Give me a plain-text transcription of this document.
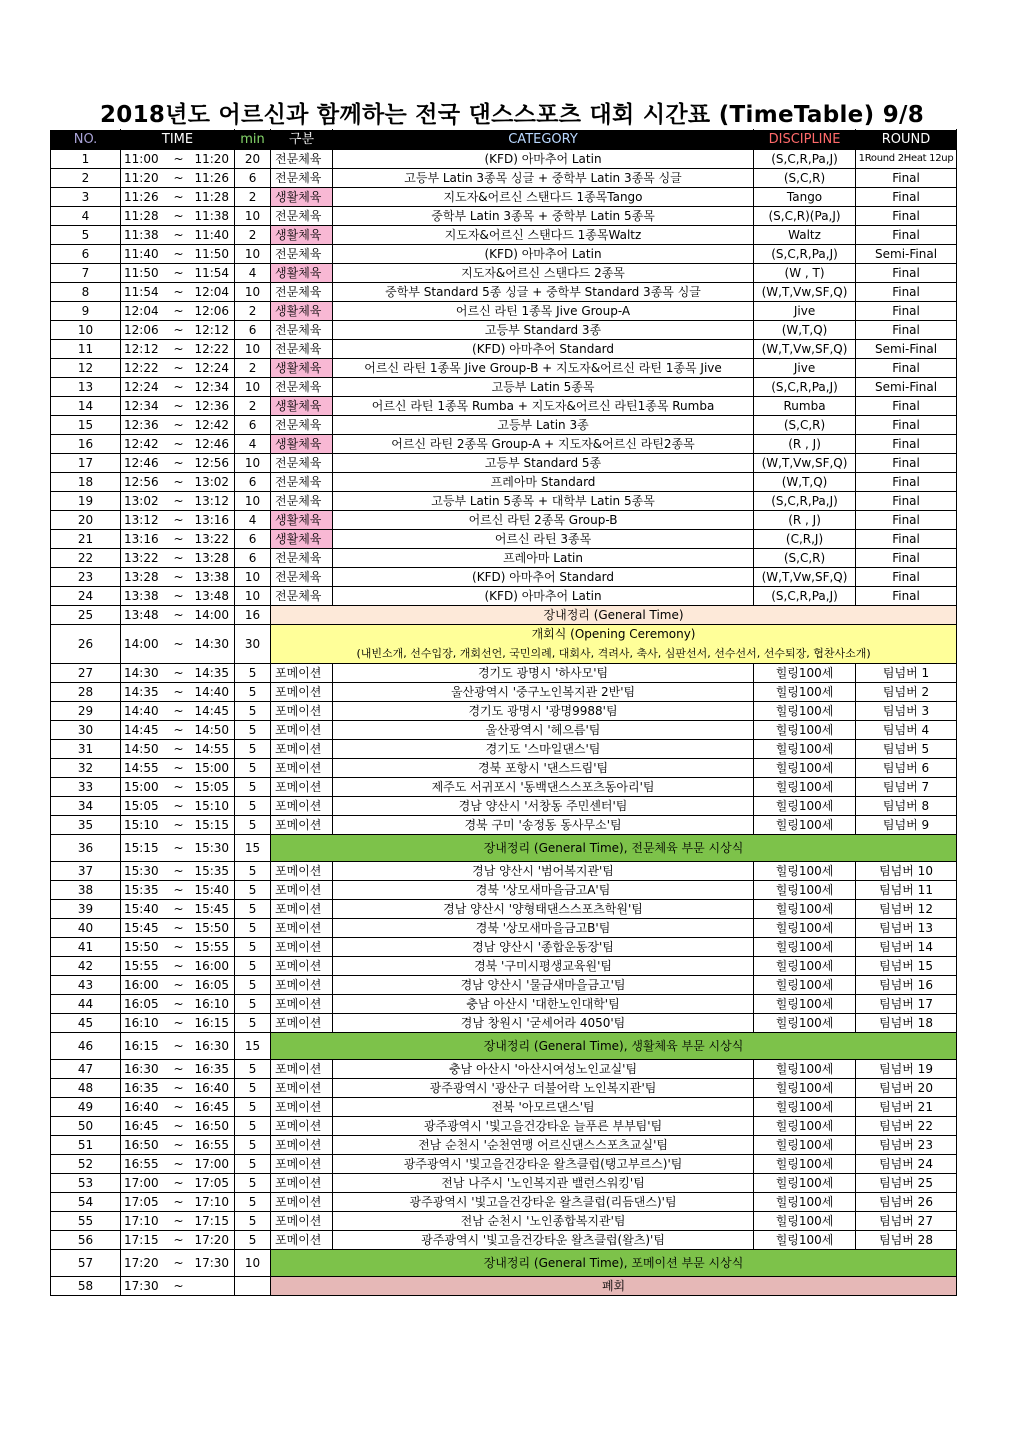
2018년도 어르신과 함께하는 전국 댄스스포츠 대회 시간표 (TimeTable) 9/8
NO.	TIME			min	구분	CATEGORY	DISCIPLINE	ROUND
1	11:00	~	11:20	20	전문체육	(KFD) 아마추어 Latin	(S,C,R,Pa,J)	1Round 2Heat 12up
2	11:20	~	11:26	6	전문체육	고등부 Latin 3종목 싱글 + 중학부 Latin 3종목 싱글	(S,C,R)	Final
3	11:26	~	11:28	2	생활체육	지도자&어르신 스탠다드 1종목Tango	Tango	Final
4	11:28	~	11:38	10	전문체육	중학부 Latin 3종목 + 중학부 Latin 5종목	(S,C,R)(Pa,J)	Final
5	11:38	~	11:40	2	생활체육	지도자&어르신 스탠다드 1종목Waltz	Waltz	Final
6	11:40	~	11:50	10	전문체육	(KFD) 아마추어 Latin	(S,C,R,Pa,J)	Semi-Final
7	11:50	~	11:54	4	생활체육	지도자&어르신 스탠다드 2종목	(W , T)	Final
8	11:54	~	12:04	10	전문체육	중학부 Standard 5종 싱글 + 중학부 Standard 3종목 싱글	(W,T,Vw,SF,Q)	Final
9	12:04	~	12:06	2	생활체육	어르신 라틴 1종목 Jive Group-A	Jive	Final
10	12:06	~	12:12	6	전문체육	고등부 Standard 3종	(W,T,Q)	Final
11	12:12	~	12:22	10	전문체육	(KFD) 아마추어 Standard	(W,T,Vw,SF,Q)	Semi-Final
12	12:22	~	12:24	2	생활체육	어르신 라틴 1종목 Jive Group-B + 지도자&어르신 라틴 1종목 Jive	Jive	Final
13	12:24	~	12:34	10	전문체육	고등부 Latin 5종목	(S,C,R,Pa,J)	Semi-Final
14	12:34	~	12:36	2	생활체육	어르신 라틴 1종목 Rumba + 지도자&어르신 라틴1종목 Rumba	Rumba	Final
15	12:36	~	12:42	6	전문체육	고등부 Latin 3종	(S,C,R)	Final
16	12:42	~	12:46	4	생활체육	어르신 라틴 2종목 Group-A + 지도자&어르신 라틴2종목	(R , J)	Final
17	12:46	~	12:56	10	전문체육	고등부 Standard 5종	(W,T,Vw,SF,Q)	Final
18	12:56	~	13:02	6	전문체육	프레아마 Standard	(W,T,Q)	Final
19	13:02	~	13:12	10	전문체육	고등부 Latin 5종목 + 대학부 Latin 5종목	(S,C,R,Pa,J)	Final
20	13:12	~	13:16	4	생활체육	어르신 라틴 2종목 Group-B	(R , J)	Final
21	13:16	~	13:22	6	생활체육	어르신 라틴 3종목	(C,R,J)	Final
22	13:22	~	13:28	6	전문체육	프레아마 Latin	(S,C,R)	Final
23	13:28	~	13:38	10	전문체육	(KFD) 아마추어 Standard	(W,T,Vw,SF,Q)	Final
24	13:38	~	13:48	10	전문체육	(KFD) 아마추어 Latin	(S,C,R,Pa,J)	Final
25	13:48	~	14:00	16	장내정리 (General Time)			
26	14:00	~	14:30	30	개회식 (Opening Ceremony)
(내빈소개, 선수입장, 개회선언, 국민의례, 대회사, 격려사, 축사, 심판선서, 선수선서, 선수퇴장, 협찬사소개)			

27	14:30	~	14:35	5	포메이션	경기도 광명시 '하사모'팀	힐링100세	팀넘버 1
28	14:35	~	14:40	5	포메이션	울산광역시 '중구노인복지관 2반'팀	힐링100세	팀넘버 2
29	14:40	~	14:45	5	포메이션	경기도 광명시 '광명9988'팀	힐링100세	팀넘버 3
30	14:45	~	14:50	5	포메이션	울산광역시 '헤으름'팀	힐링100세	팀넘버 4
31	14:50	~	14:55	5	포메이션	경기도 '스마일댄스'팀	힐링100세	팀넘버 5
32	14:55	~	15:00	5	포메이션	경북 포항시 '댄스드림'팀	힐링100세	팀넘버 6
33	15:00	~	15:05	5	포메이션	제주도 서귀포시 '동백댄스스포츠동아리'팀	힐링100세	팀넘버 7
34	15:05	~	15:10	5	포메이션	경남 양산시 '서창동 주민센터'팀	힐링100세	팀넘버 8
35	15:10	~	15:15	5	포메이션	경북 구미 '송정동 동사무소'팀	힐링100세	팀넘버 9
36	15:15	~	15:30	15	장내정리 (General Time), 전문체육 부문 시상식			
37	15:30	~	15:35	5	포메이션	경남 양산시 '범어복지관'팀	힐링100세	팀넘버 10
38	15:35	~	15:40	5	포메이션	경북 '상모새마을금고A'팀	힐링100세	팀넘버 11
39	15:40	~	15:45	5	포메이션	경남 양산시 '양형태댄스스포츠학원'팀	힐링100세	팀넘버 12
40	15:45	~	15:50	5	포메이션	경북 '상모새마을금고B'팀	힐링100세	팀넘버 13
41	15:50	~	15:55	5	포메이션	경남 양산시 '종합운동장'팀	힐링100세	팀넘버 14
42	15:55	~	16:00	5	포메이션	경북 '구미시평생교육원'팀	힐링100세	팀넘버 15
43	16:00	~	16:05	5	포메이션	경남 양산시 '물금새마을금고'팀	힐링100세	팀넘버 16
44	16:05	~	16:10	5	포메이션	충남 아산시 '대한노인대학'팀	힐링100세	팀넘버 17
45	16:10	~	16:15	5	포메이션	경남 창원시 '굳세어라 4050'팀	힐링100세	팀넘버 18
46	16:15	~	16:30	15	장내정리 (General Time), 생활체육 부문 시상식			
47	16:30	~	16:35	5	포메이션	충남 아산시 '아산시여성노인교실'팀	힐링100세	팀넘버 19
48	16:35	~	16:40	5	포메이션	광주광역시 '광산구 더불어락 노인복지관'팀	힐링100세	팀넘버 20
49	16:40	~	16:45	5	포메이션	전북 '아모르댄스'팀	힐링100세	팀넘버 21
50	16:45	~	16:50	5	포메이션	광주광역시 '빛고을건강타운 늘푸른 부부팀'팀	힐링100세	팀넘버 22
51	16:50	~	16:55	5	포메이션	전남 순천시 '순천연맹 어르신댄스스포츠교실'팀	힐링100세	팀넘버 23
52	16:55	~	17:00	5	포메이션	광주광역시 '빛고을건강타운 왈츠클럽(탱고부르스)'팀	힐링100세	팀넘버 24
53	17:00	~	17:05	5	포메이션	전남 나주시 '노인복지관 밸런스워킹'팀	힐링100세	팀넘버 25
54	17:05	~	17:10	5	포메이션	광주광역시 '빛고을건강타운 왈츠클럽(리듬댄스)'팀	힐링100세	팀넘버 26
55	17:10	~	17:15	5	포메이션	전남 순천시 '노인종합복지관'팀	힐링100세	팀넘버 27
56	17:15	~	17:20	5	포메이션	광주광역시 '빛고을건강타운 왈츠클럽(왈츠)'팀	힐링100세	팀넘버 28
57	17:20	~	17:30	10	장내정리 (General Time), 포메이션 부문 시상식			
58	17:30	~			폐회			
